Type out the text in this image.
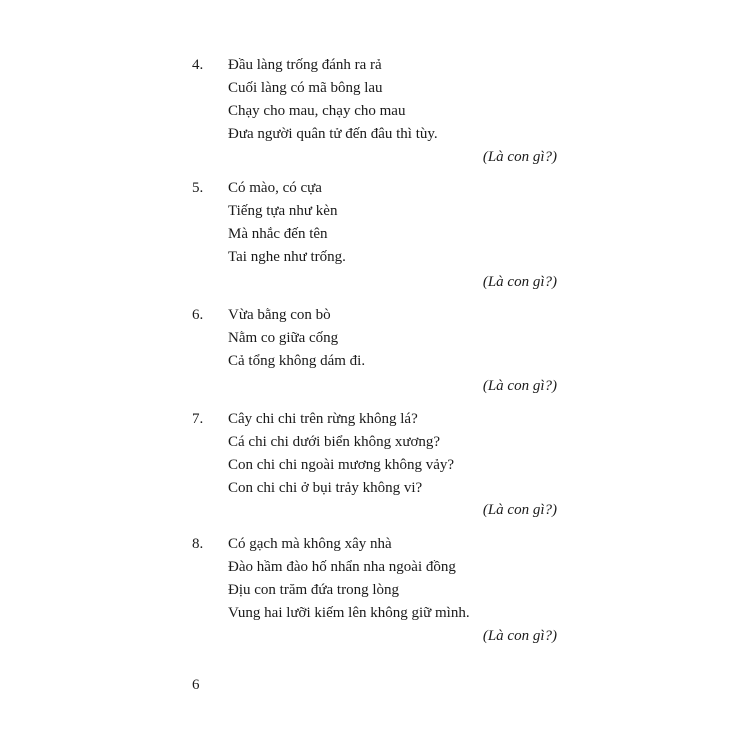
4. Đầu làng trống đánh ra rả
Cuối làng có mã bông lau
Chạy cho mau, chạy cho mau
Đưa người quân tử đến đâu thì tùy.
(Là con gì?)
5. Có mào, có cựa
Tiếng tựa như kèn
Mà nhắc đến tên
Tai nghe như trống.
(Là con gì?)
6. Vừa bằng con bò
Nằm co giữa cống
Cả tổng không dám đi.
(Là con gì?)
7. Cây chi chi trên rừng không lá?
Cá chi chi dưới biển không xương?
Con chi chi ngoài mương không vảy?
Con chi chi ở bụi trảy không vi?
(Là con gì?)
8. Có gạch mà không xây nhà
Đào hầm đào hố nhẩn nha ngoài đồng
Địu con trăm đứa trong lòng
Vung hai lưỡi kiếm lên không giữ mình.
(Là con gì?)
6
